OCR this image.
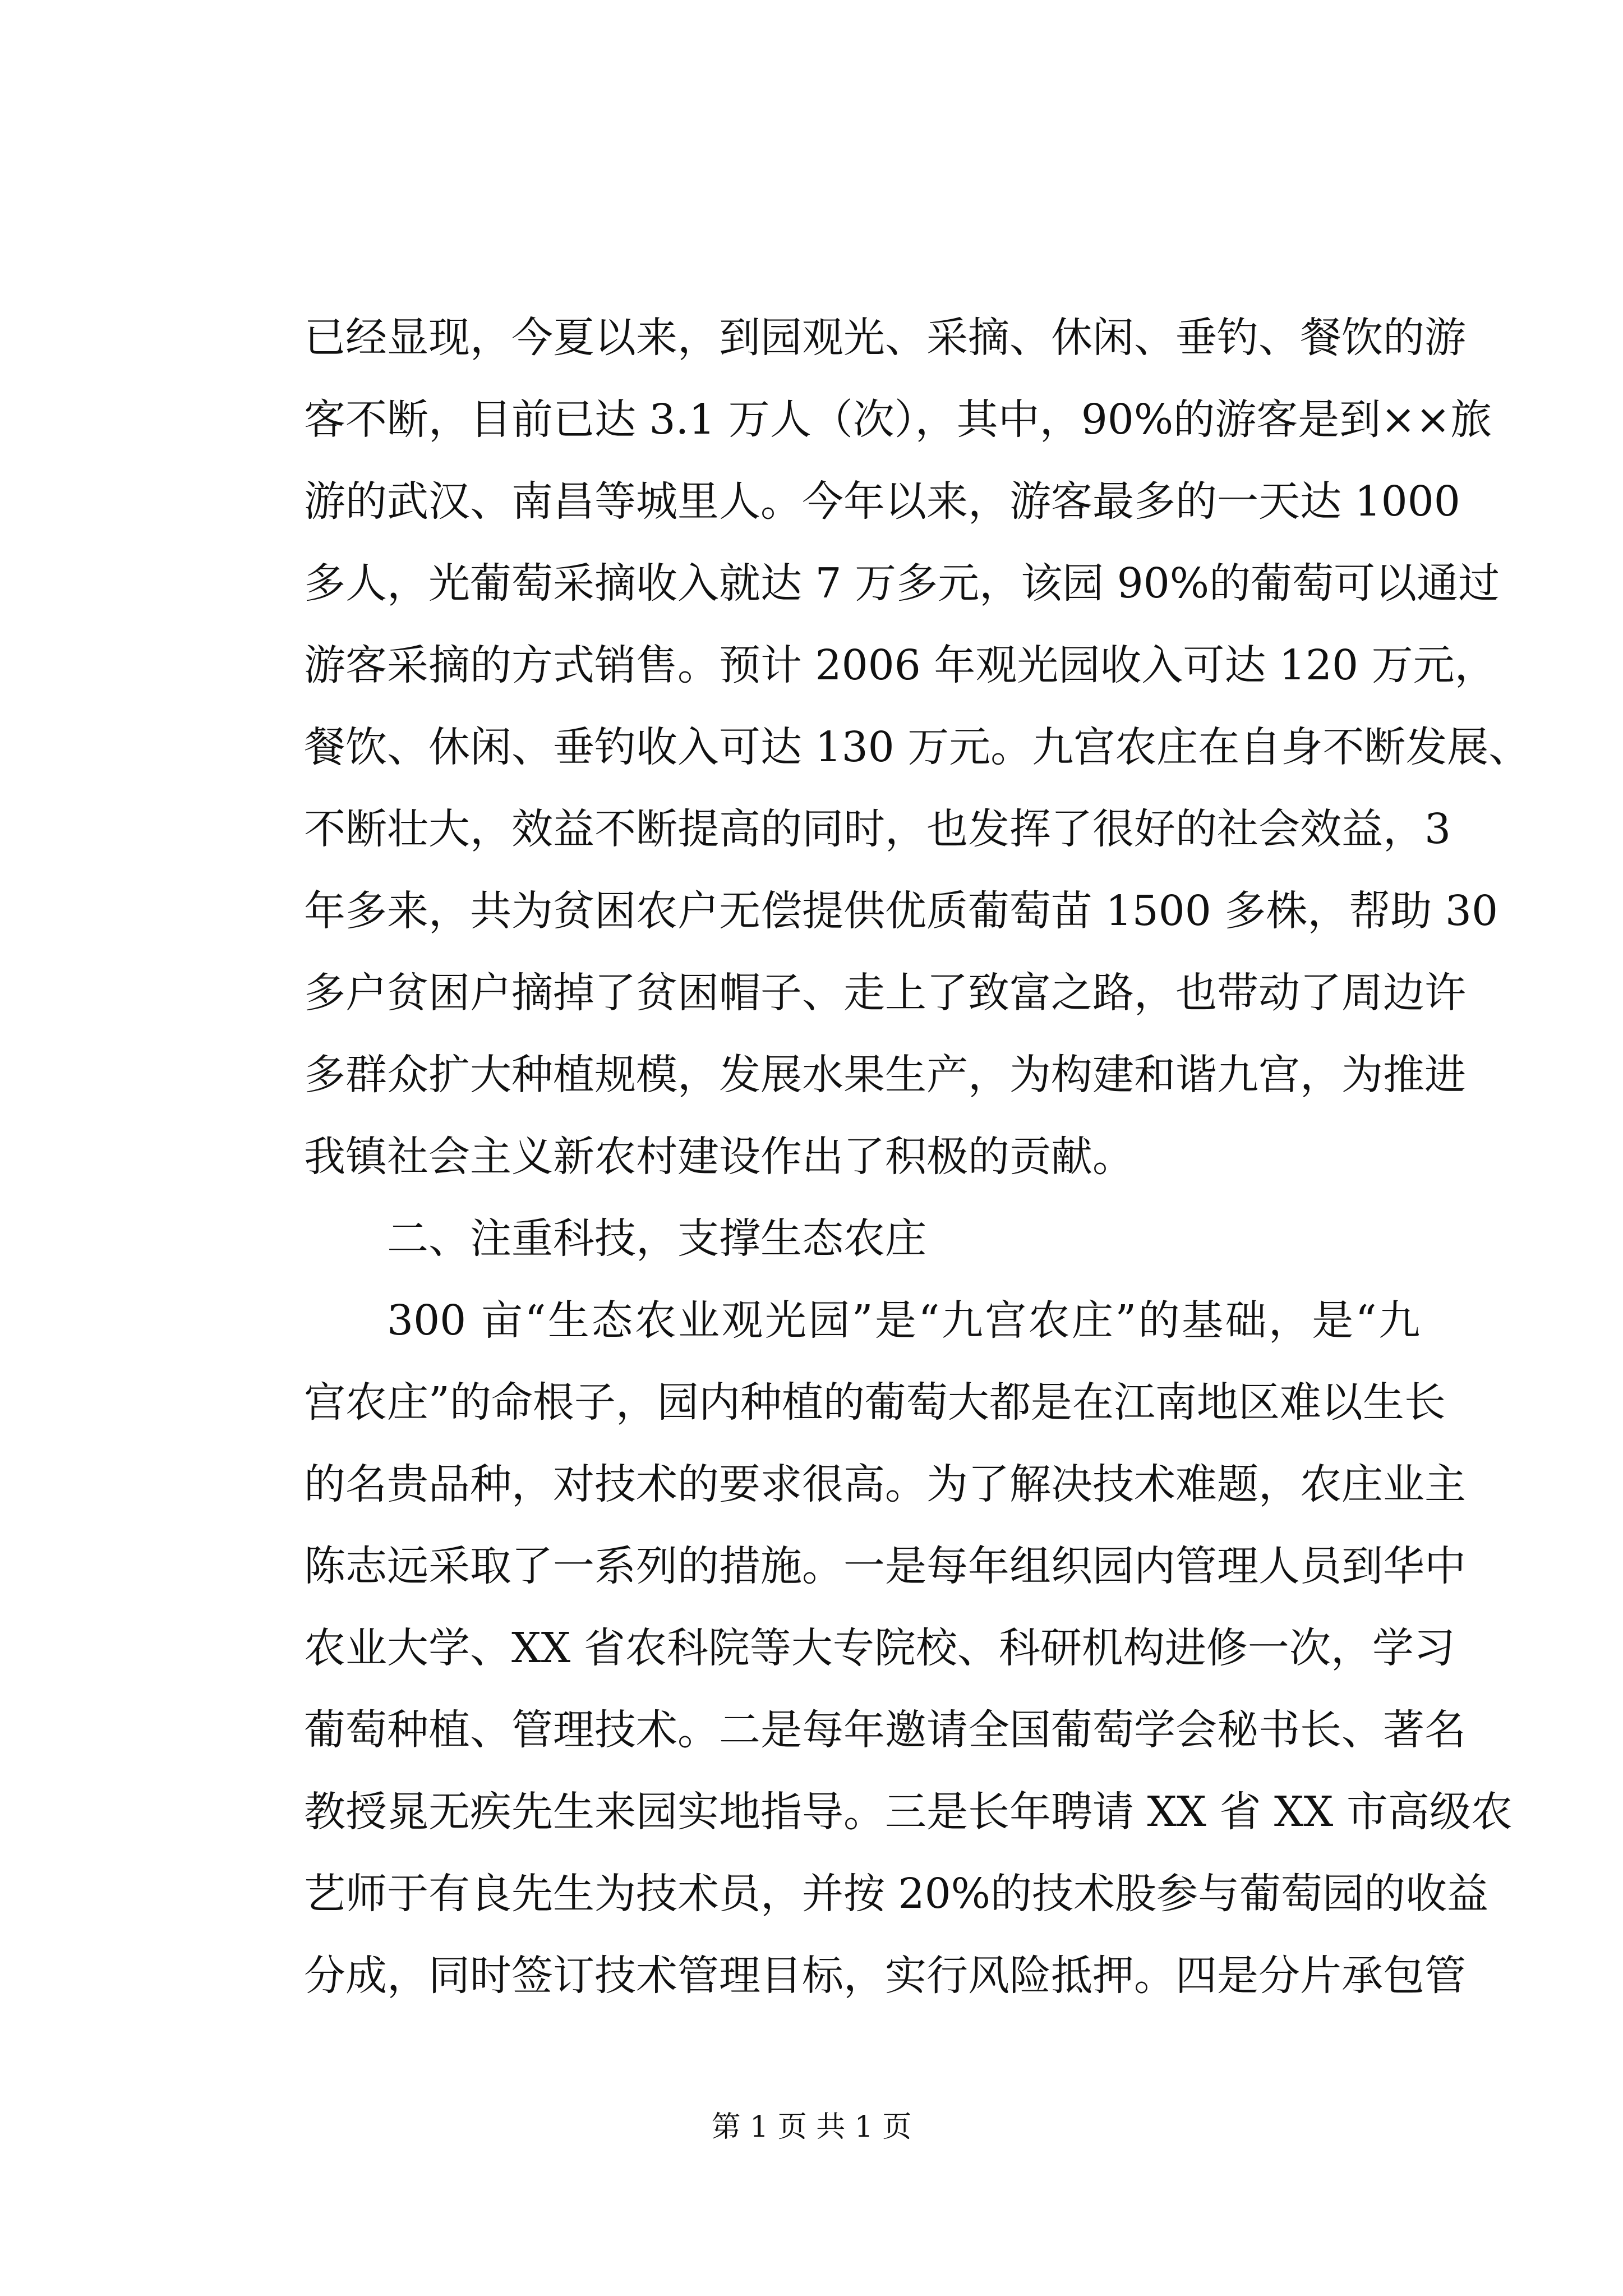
已经显现，今夏以来，到园观光、采摘、休闲、垂钓、餐饮的游
客不断，目前已达 3.1 万人（次），其中，90%的游客是到××旅
游的武汉、南昌等城里人。今年以来，游客最多的一天达 1000
多人，光葡萄采摘收入就达 7 万多元，该园 90%的葡萄可以通过
游客采摘的方式销售。预计 2006 年观光园收入可达 120 万元，
餐饮、休闲、垂钓收入可达 130 万元。九宫农庄在自身不断发展、
不断壮大，效益不断提高的同时，也发挥了很好的社会效益，3
年多来，共为贫困农户无偿提供优质葡萄苗 1500 多株，帮助 30
多户贫困户摘掉了贫困帽子、走上了致富之路，也带动了周边许
多群众扩大种植规模，发展水果生产，为构建和谐九宫，为推进
我镇社会主义新农村建设作出了积极的贡献。
二、注重科技，支撑生态农庄
300 亩“生态农业观光园”是“九宫农庄”的基础，是“九
宫农庄”的命根子，园内种植的葡萄大都是在江南地区难以生长
的名贵品种，对技术的要求很高。为了解决技术难题，农庄业主
陈志远采取了一系列的措施。一是每年组织园内管理人员到华中
农业大学、XX 省农科院等大专院校、科研机构进修一次，学习
葡萄种植、管理技术。二是每年邀请全国葡萄学会秘书长、著名
教授晁无疾先生来园实地指导。三是长年聘请 XX 省 XX 市高级农
艺师于有良先生为技术员，并按 20%的技术股参与葡萄园的收益
分成，同时签订技术管理目标，实行风险抵押。四是分片承包管
第 1 页 共 1 页
